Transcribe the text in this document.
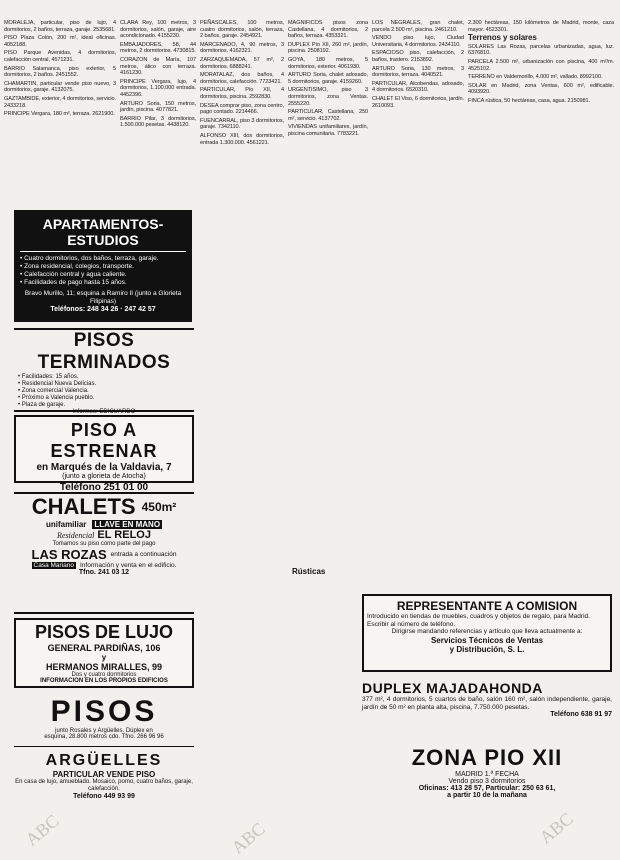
MORALEJA, particular, piso de lujo, 4 dormitorios, 2 baños, terraza, garaje. 2535681.

PISO Plaza Colón, 200 m², ideal oficinas. 4052188.

PISO Parque Avenidas, 4 dormitorios, calefacción central, 4571231.

BARRIO Salamanca, piso exterior, 5 dormitorios, 2 baños. 2451552.

CHAMARTIN, particular vende piso nuevo, 3 dormitorios, garaje. 4132075.

GAZTAMBIDE, exterior, 4 dormitorios, servicio. 2433218.

PRINCIPE Vergara, 180 m², terraza. 2621900.

CLARA Rey, 100 metros, 3 dormitorios, salón, garaje, aire acondicionado. 4155230.

EMBAJADORES, 58, 44 metros, 2 dormitorios. 4730815.

CORAZON de María, 107 metros, ático con terraza. 4161230.

PRINCIPE Vergara, lujo, 4 dormitorios, 1.100.000 entrada. 4452396.

ARTURO Soria, 150 metros, jardín, piscina. 4077821.

BARRIO Pilar, 3 dormitorios, 1.500.000 pesetas. 4438120.

PEÑASCALES, 100 metros, cuatro dormitorios, salón, terraza, 2 baños, garaje. 2454921.

MARCENADO, 4, 90 metros, 3 dormitorios. 4162321.

ZARZAQUEMADA, 57 m², 2 dormitorios. 6888241.

MORATALAZ, dos baños, 4 dormitorios, calefacción. 7723421.

PARTICULAR, Pío XII, 4 dormitorios, piscina. 2592830.

DESEA comprar piso, zona centro, pago contado. 2214466.

FUENCARRAL, piso 3 dormitorios, garaje. 7342110.

ALFONSO XIII, dos dormitorios, entrada 1.300.000. 4561221.

MAGNIFICOS pisos zona Castellana, 4 dormitorios, 2 baños, terraza. 4353321.

DUPLEX Pío XII, 260 m², jardín, piscina. 2508192.

GOYA, 180 metros, 5 dormitorios, exterior. 4061930.

ARTURO Soria, chalet adosado, 5 dormitorios, garaje. 4159260.

URGENTISIMO, piso 3 dormitorios, zona Ventas. 2555220.

PARTICULAR, Castellana, 250 m², servicio. 4137702.

VIVIENDAS unifamiliares, jardín, piscina comunitaria. 7783221.

Rústicas

LOS NEGRALES, gran chalet, parcela 2.500 m², piscina. 2461210.

VENDO piso lujo, Ciudad Universitaria, 4 dormitorios. 2434110.

ESPACIOSO piso, calefacción, 2 baños, trastero. 2153892.

ARTURO Soria, 130 metros, 3 dormitorios, terraza. 4040521.

PARTICULAR, Alcobendas, adosado, 4 dormitorios. 6520310.

CHALET El Viso, 6 dormitorios, jardín. 2610093.

2.300 hectáreas, 150 kilómetros de Madrid, monte, caza mayor. 4523301.

Terrenos y solares

SOLARES Las Rozas, parcelas urbanizadas, agua, luz. 6376810.

PARCELA 2.500 m², urbanización con piscina, 400 m²/m. 4525102.

TERRENO en Valdemorillo, 4.000 m², vallado. 8992100.

SOLAR en Madrid, zona Ventas, 600 m², edificable. 4093920.

FINCA rústica, 50 hectáreas, casa, agua. 2150981.

APARTAMENTOS-ESTUDIOS
• Cuatro dormitorios, dos baños, terraza, garaje.
• Zona residencial, colegios, transporte.
• Calefacción central y agua caliente.
• Facilidades de pago hasta 15 años.
Bravo Murillo, 11; esquina a Ramiro II (junto a Glorieta Filipinas)
Teléfonos: 248 34 26 · 247 42 57
PISOS TERMINADOS
• Facilidades: 15 años.
• Residencial Nueva Delicias.
• Zona comercial Valencia.
• Próximo a Valencia pueblo.
• Plaza de garaje.
Informes: EDICUARDO
PISO A ESTRENAR
en Marqués de la Valdavia, 7
(junto a glorieta de Atocha)
Teléfono 251 01 00
CHALETS 450m²
unifamiliar LLAVE EN MANO
Residencial EL RELOJ
Tomamos su piso como parte del pago
LAS ROZAS entrada a continuación
Casa Mariano Información y venta en el edificio.
Tfno. 241 03 12
PISOS DE LUJO
GENERAL PARDIÑAS, 106
y
HERMANOS MIRALLES, 99
Dos y cuatro dormitorios
INFORMACION EN LOS PROPIOS EDIFICIOS
PISOS
junto Rosales y Argüelles. Dúplex en
esquina, 28.800 metros cdo. Tfno. 266 96 96
ARGÜELLES
PARTICULAR VENDE PISO
En casa de lujo, amueblado. Mosaico, pomo, cuatro baños, garaje, calefacción.
Teléfono 449 93 99
REPRESENTANTE A COMISION
Introducido en tiendas de muebles, cuadros y objetos de regalo, para Madrid. Escribir al número de teléfono.
Dirigirse mandando referencias y artículo que lleva actualmente a:
Servicios Técnicos de Ventas
y Distribución, S. L.
DUPLEX MAJADAHONDA
377 m², 4 dormitorios, 5 cuartos de baño, salón 160 m², salón independiente, garaje, jardín de 50 m² en planta alta, piscina, 7.750.000 pesetas.
Teléfono 638 91 97
ZONA PIO XII
MADRID 1.ª FECHA
Vendo piso 3 dormitorios
Oficinas: 413 28 57, Particular: 250 63 61,
a partir 10 de la mañana
ABC	ABC	ABC
